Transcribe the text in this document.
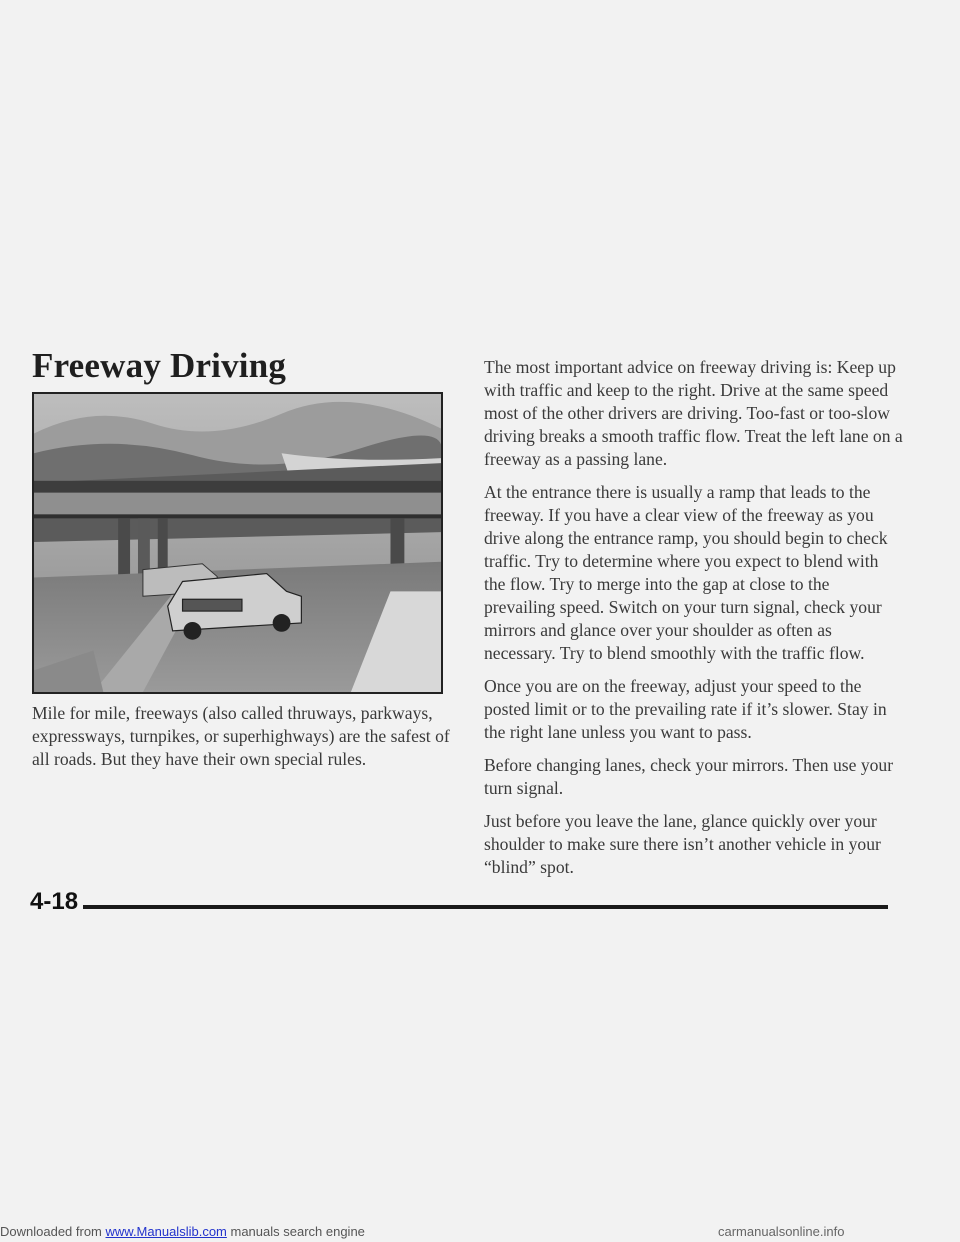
Freeway Driving

Mile for mile, freeways (also called thruways, parkways, expressways, turnpikes, or superhighways) are the safest of all roads. But they have their own special rules.

The most important advice on freeway driving is: Keep up with traffic and keep to the right. Drive at the same speed most of the other drivers are driving. Too-fast or too-slow driving breaks a smooth traffic flow. Treat the left lane on a freeway as a passing lane.

At the entrance there is usually a ramp that leads to the freeway. If you have a clear view of the freeway as you drive along the entrance ramp, you should begin to check traffic. Try to determine where you expect to blend with the flow. Try to merge into the gap at close to the prevailing speed. Switch on your turn signal, check your mirrors and glance over your shoulder as often as necessary. Try to blend smoothly with the traffic flow.

Once you are on the freeway, adjust your speed to the posted limit or to the prevailing rate if it’s slower. Stay in the right lane unless you want to pass.

Before changing lanes, check your mirrors. Then use your turn signal.

Just before you leave the lane, glance quickly over your shoulder to make sure there isn’t another vehicle in your “blind” spot.

4-18

Downloaded from www.Manualslib.com manuals search engine	carmanualsonline.info
